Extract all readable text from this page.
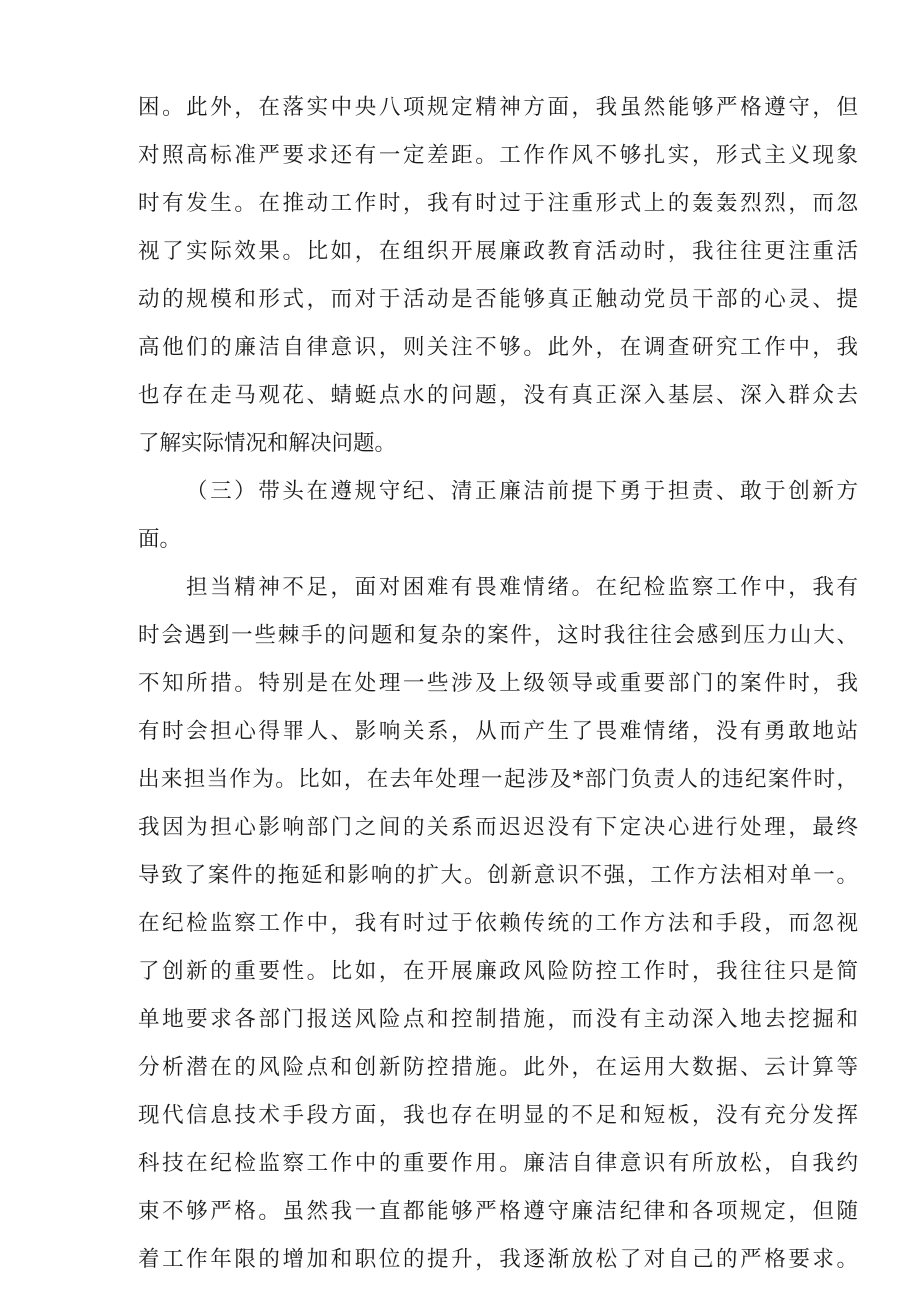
困。此外，在落实中央八项规定精神方面，我虽然能够严格遵守，但
对照高标准严要求还有一定差距。工作作风不够扎实，形式主义现象
时有发生。在推动工作时，我有时过于注重形式上的轰轰烈烈，而忽
视了实际效果。比如，在组织开展廉政教育活动时，我往往更注重活
动的规模和形式，而对于活动是否能够真正触动党员干部的心灵、提
高他们的廉洁自律意识，则关注不够。此外，在调查研究工作中，我
也存在走马观花、蜻蜓点水的问题，没有真正深入基层、深入群众去
了解实际情况和解决问题。
（三）带头在遵规守纪、清正廉洁前提下勇于担责、敢于创新方
面。
担当精神不足，面对困难有畏难情绪。在纪检监察工作中，我有
时会遇到一些棘手的问题和复杂的案件，这时我往往会感到压力山大、
不知所措。特别是在处理一些涉及上级领导或重要部门的案件时，我
有时会担心得罪人、影响关系，从而产生了畏难情绪，没有勇敢地站
出来担当作为。比如，在去年处理一起涉及*部门负责人的违纪案件时，
我因为担心影响部门之间的关系而迟迟没有下定决心进行处理，最终
导致了案件的拖延和影响的扩大。创新意识不强，工作方法相对单一。
在纪检监察工作中，我有时过于依赖传统的工作方法和手段，而忽视
了创新的重要性。比如，在开展廉政风险防控工作时，我往往只是简
单地要求各部门报送风险点和控制措施，而没有主动深入地去挖掘和
分析潜在的风险点和创新防控措施。此外，在运用大数据、云计算等
现代信息技术手段方面，我也存在明显的不足和短板，没有充分发挥
科技在纪检监察工作中的重要作用。廉洁自律意识有所放松，自我约
束不够严格。虽然我一直都能够严格遵守廉洁纪律和各项规定，但随
着工作年限的增加和职位的提升，我逐渐放松了对自己的严格要求。
